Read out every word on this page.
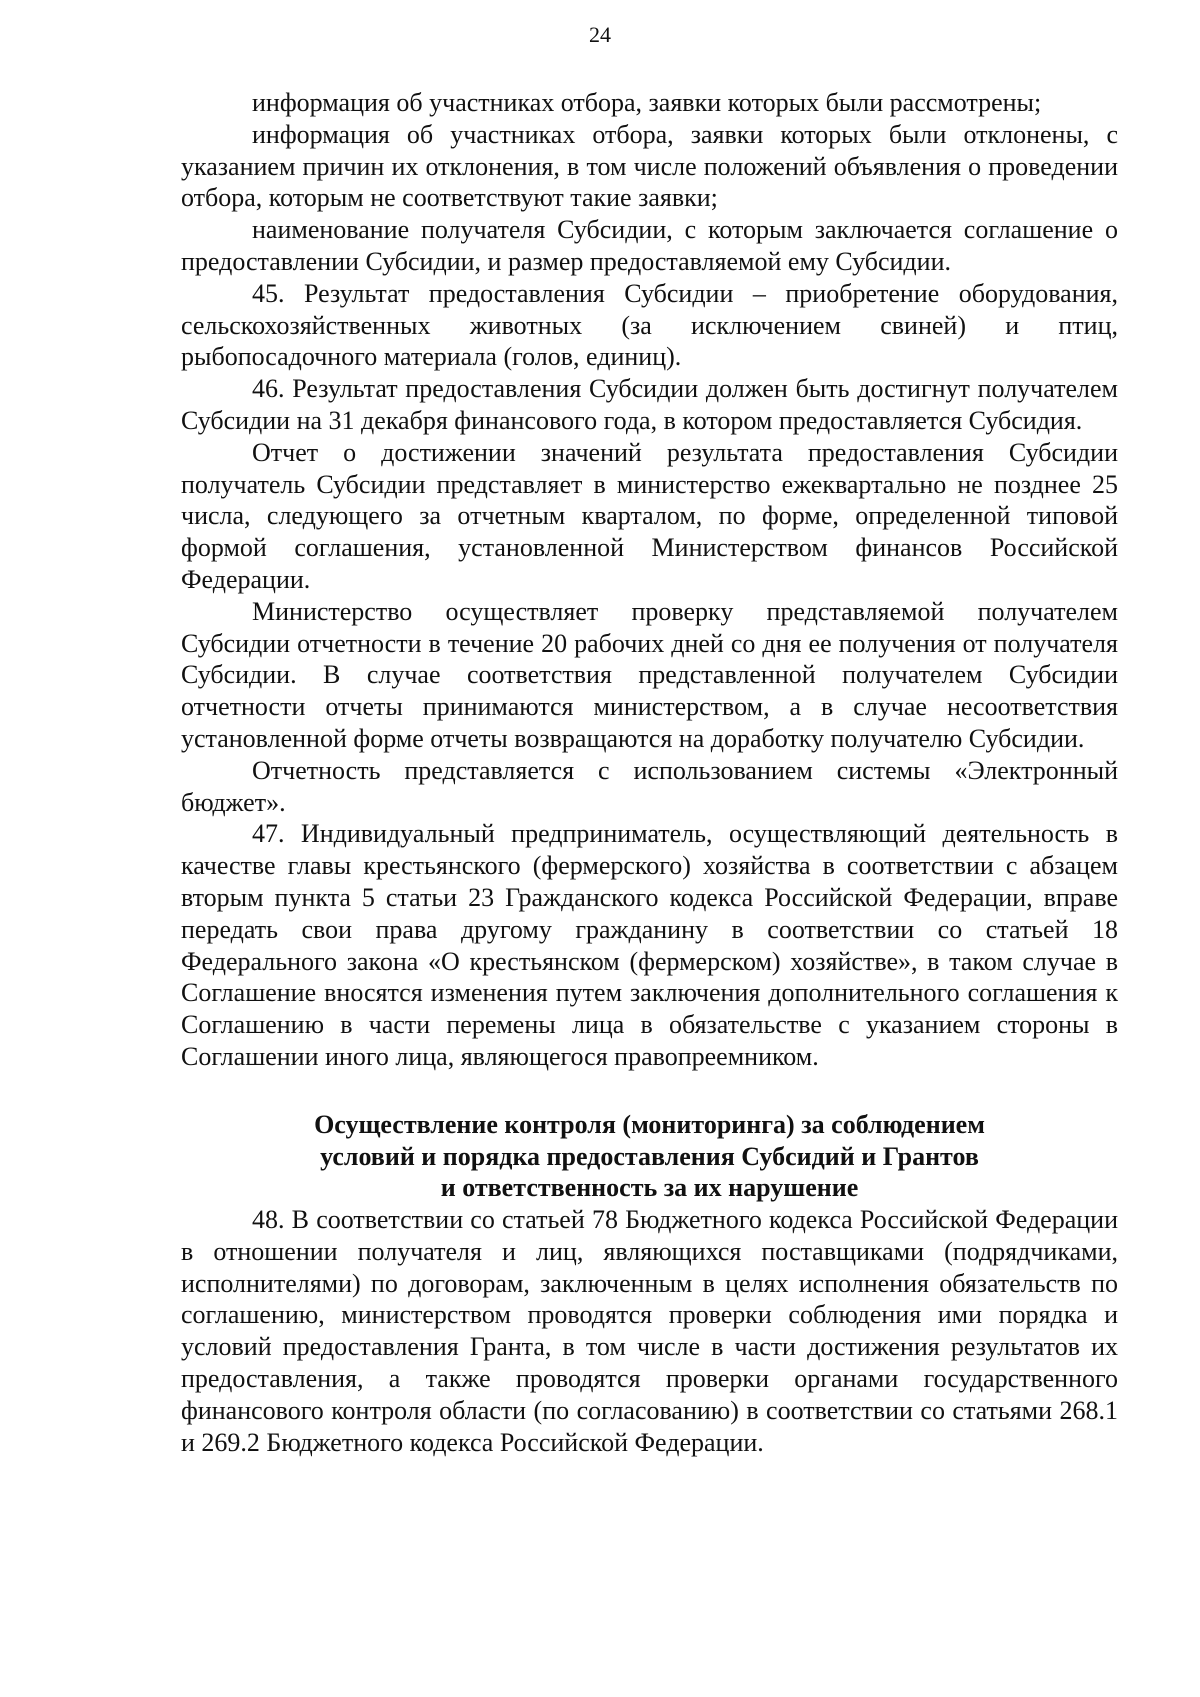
24

информация об участниках отбора, заявки которых были рассмотрены;

информация об участниках отбора, заявки которых были отклонены, с указанием причин их отклонения, в том числе положений объявления о проведении отбора, которым не соответствуют такие заявки;

наименование получателя Субсидии, с которым заключается соглашение о предоставлении Субсидии, и размер предоставляемой ему Субсидии.

45. Результат предоставления Субсидии – приобретение оборудования, сельскохозяйственных животных (за исключением свиней) и птиц, рыбопосадочного материала (голов, единиц).

46. Результат предоставления Субсидии должен быть достигнут получателем Субсидии на 31 декабря финансового года, в котором предоставляется Субсидия.

Отчет о достижении значений результата предоставления Субсидии получатель Субсидии представляет в министерство ежеквартально не позднее 25 числа, следующего за отчетным кварталом, по форме, определенной типовой формой соглашения, установленной Министерством финансов Российской Федерации.

Министерство осуществляет проверку представляемой получателем Субсидии отчетности в течение 20 рабочих дней со дня ее получения от получателя Субсидии. В случае соответствия представленной получателем Субсидии отчетности отчеты принимаются министерством, а в случае несоответствия установленной форме отчеты возвращаются на доработку получателю Субсидии.

Отчетность представляется с использованием системы «Электронный бюджет».

47. Индивидуальный предприниматель, осуществляющий деятельность в качестве главы крестьянского (фермерского) хозяйства в соответствии с абзацем вторым пункта 5 статьи 23 Гражданского кодекса Российской Федерации, вправе передать свои права другому гражданину в соответствии со статьей 18 Федерального закона «О крестьянском (фермерском) хозяйстве», в таком случае в Соглашение вносятся изменения путем заключения дополнительного соглашения к Соглашению в части перемены лица в обязательстве с указанием стороны в Соглашении иного лица, являющегося правопреемником.

Осуществление контроля (мониторинга) за соблюдением
условий и порядка предоставления Субсидий и Грантов
и ответственность за их нарушение

48. В соответствии со статьей 78 Бюджетного кодекса Российской Федерации в отношении получателя и лиц, являющихся поставщиками (подрядчиками, исполнителями) по договорам, заключенным в целях исполнения обязательств по соглашению, министерством проводятся проверки соблюдения ими порядка и условий предоставления Гранта, в том числе в части достижения результатов их предоставления, а также проводятся проверки органами государственного финансового контроля области (по согласованию) в соответствии со статьями 268.1 и 269.2 Бюджетного кодекса Российской Федерации.
